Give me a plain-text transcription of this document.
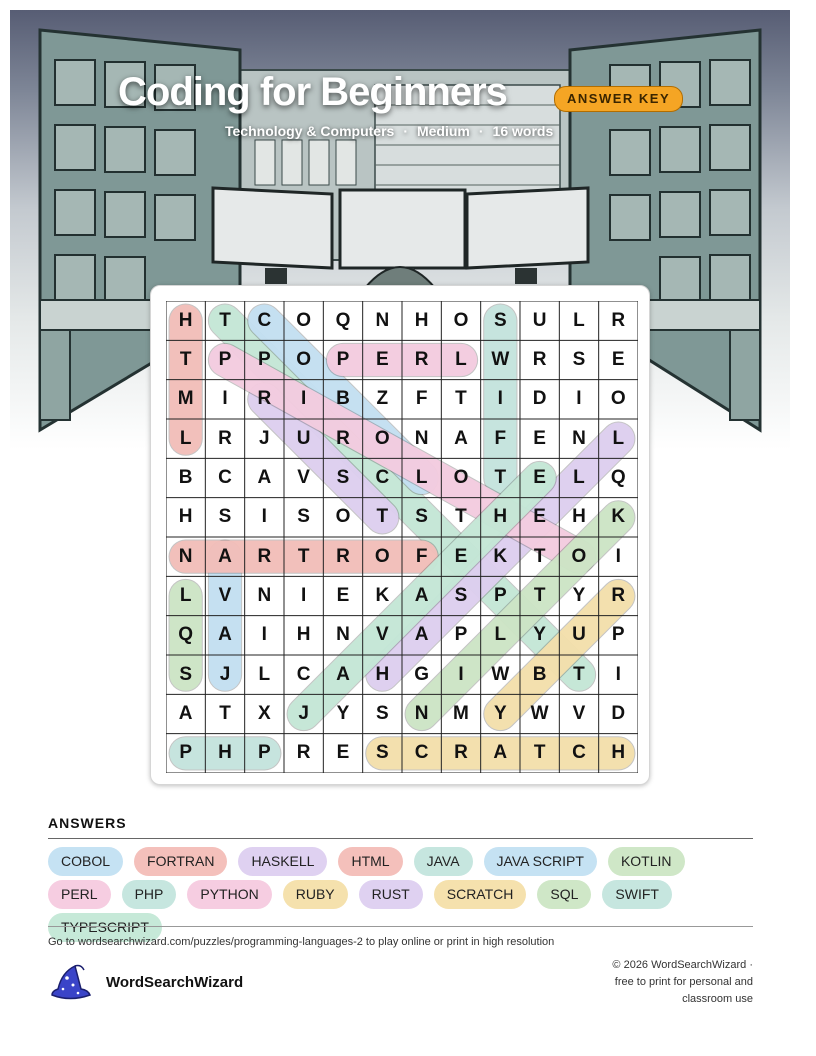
Coding for Beginners	ANSWER KEY
Technology & Computers · Medium · 16 words
H	T	C	O	Q	N	H	O	S	U	L	R
T	P	P	O	P	E	R	L	W	R	S	E
M	I	R	I	B	Z	F	T	I	D	I	O
L	R	J	U	R	O	N	A	F	E	N	L
B	C	A	V	S	C	L	O	T	E	L	Q
H	S	I	S	O	T	S	T	H	E	H	K
N	A	R	T	R	O	F	E	K	T	O	I
L	V	N	I	E	K	A	S	P	T	Y	R
Q	A	I	H	N	V	A	P	L	Y	U	P
S	J	L	C	A	H	G	I	W	B	T	I
A	T	X	J	Y	S	N	M	Y	W	V	D
P	H	P	R	E	S	C	R	A	T	C	H
ANSWERS
COBOL	FORTRAN	HASKELL	HTML	JAVA	JAVA SCRIPT	KOTLIN
PERL	PHP	PYTHON	RUBY	RUST	SCRATCH	SQL	SWIFT
TYPESCRIPT
Go to wordsearchwizard.com/puzzles/programming-languages-2 to play online or print in high resolution
WordSearchWizard
© 2026 WordSearchWizard ·
free to print for personal and
classroom use
